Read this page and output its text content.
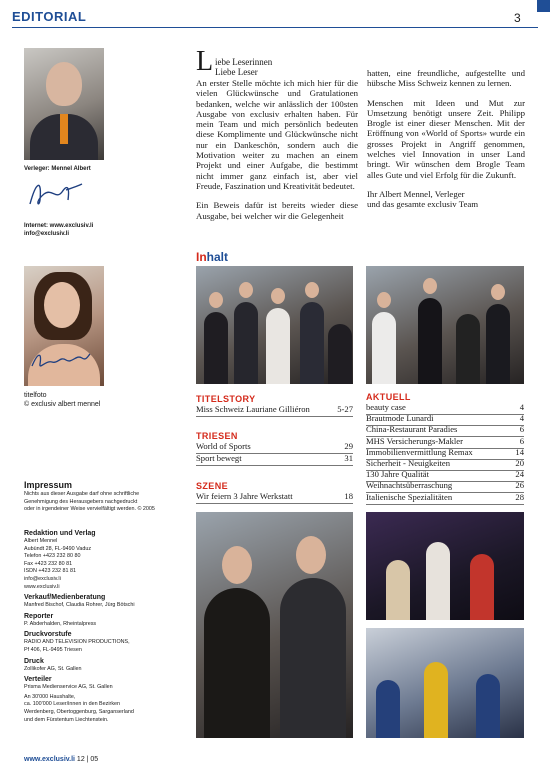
EDITORIAL	3
Verleger: Mennel Albert
Internet: www.exclusiv.li
info@exclusiv.li
titelfoto
© exclusiv albert mennel
Impressum
Nichts aus dieser Ausgabe darf ohne schriftliche
Genehmigung des Herausgebers nachgedruckt
oder in irgendeiner Weise vervielfältigt werden. © 2005
Redaktion und Verlag
Albert Mennel
Aubündt 28, FL-9490 Vaduz
Telefon +423 232 80 80
Fax +423 232 80 81
ISDN +423 232 81 81
info@exclusiv.li
www.exclusiv.li
Verkauf/Medienberatung
Manfred Bischof, Claudia Rohrer, Jürg Bötschi
Reporter
P. Abderhalden, Rheintalpress
Druckvorstufe
RADIO AND TELEVISION PRODUCTIONS,
Pf 406, FL-9495 Triesen
Druck
Zollikofer AG, St. Gallen
Verteiler
Prisma Medienservice AG, St. Gallen
An 30'000 Haushalte,
ca. 100'000 Leser/innen in den Bezirken
Werdenberg, Obertoggenburg, Sarganserland
und dem Fürstentum Liechtenstein.
L iebe Leserinnen
Liebe Leser

An erster Stelle möchte ich mich hier für die vielen Glückwünsche und Gratulationen bedanken, welche wir anlässlich der 100sten Ausgabe von exclusiv erhalten haben. Für mein Team und mich persönlich bedeuten diese Komplimente und Glückwünsche nicht nur ein Dankeschön, sondern auch die Motivation weiter zu machen an einem Projekt und einer Aufgabe, die bestimmt nicht immer ganz einfach ist, aber viel Freude, Faszination und Kreativität bedeutet.

Ein Beweis dafür ist bereits wieder diese Ausgabe, bei welcher wir die Gelegenheit

hatten, eine freundliche, aufgestellte und hübsche Miss Schweiz kennen zu lernen.

Menschen mit Ideen und Mut zur Umsetzung benötigt unsere Zeit. Philipp Brogle ist einer dieser Menschen. Mit der Eröffnung von «World of Sports» wurde ein grosses Projekt in Angriff genommen, welches viel Innovation in unser Land bringt. Wir wünschen dem Brogle Team alles Gute und viel Erfolg für die Zukunft.

Ihr Albert Mennel, Verleger
und das gesamte exclusiv Team

Inhalt
TITELSTORY
Miss Schweiz Lauriane Gilliéron	5-27
TRIESEN
World of Sports	29
Sport bewegt	31
SZENE
Wir feiern 3 Jahre Werkstatt	18
AKTUELL
beauty case	4
Brautmode Lunardi	4
China-Restaurant Paradies	6
MHS Versicherungs-Makler	6
Immobilienvermittlung Remax	14
Sicherheit - Neuigkeiten	20
130 Jahre Qualität	24
Weihnachtsüberraschung	26
Italienische Spezialitäten	28
www.exclusiv.li 12 | 05
